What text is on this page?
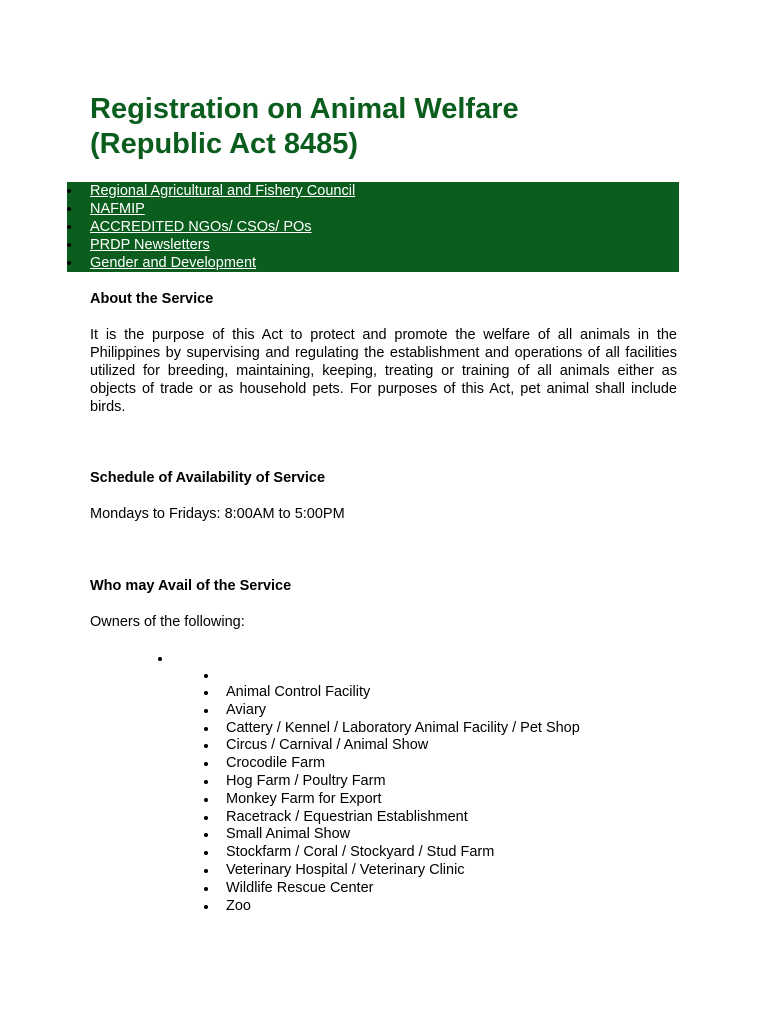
Registration on Animal Welfare
(Republic Act 8485)
Regional Agricultural and Fishery Council
NAFMIP
ACCREDITED NGOs/ CSOs/ POs
PRDP Newsletters
Gender and Development
About the Service

It is the purpose of this Act to protect and promote the welfare of all animals in the Philippines by supervising and regulating the establishment and operations of all facilities utilized for breeding, maintaining, keeping, treating or training of all animals either as objects of trade or as household pets. For purposes of this Act, pet animal shall include birds.

Schedule of Availability of Service

Mondays to Fridays: 8:00AM to 5:00PM

Who may Avail of the Service

Owners of the following:

Animal Control Facility
Aviary
Cattery / Kennel / Laboratory Animal Facility / Pet Shop
Circus / Carnival / Animal Show
Crocodile Farm
Hog Farm / Poultry Farm
Monkey Farm for Export
Racetrack / Equestrian Establishment
Small Animal Show
Stockfarm / Coral / Stockyard / Stud Farm
Veterinary Hospital / Veterinary Clinic
Wildlife Rescue Center
Zoo
